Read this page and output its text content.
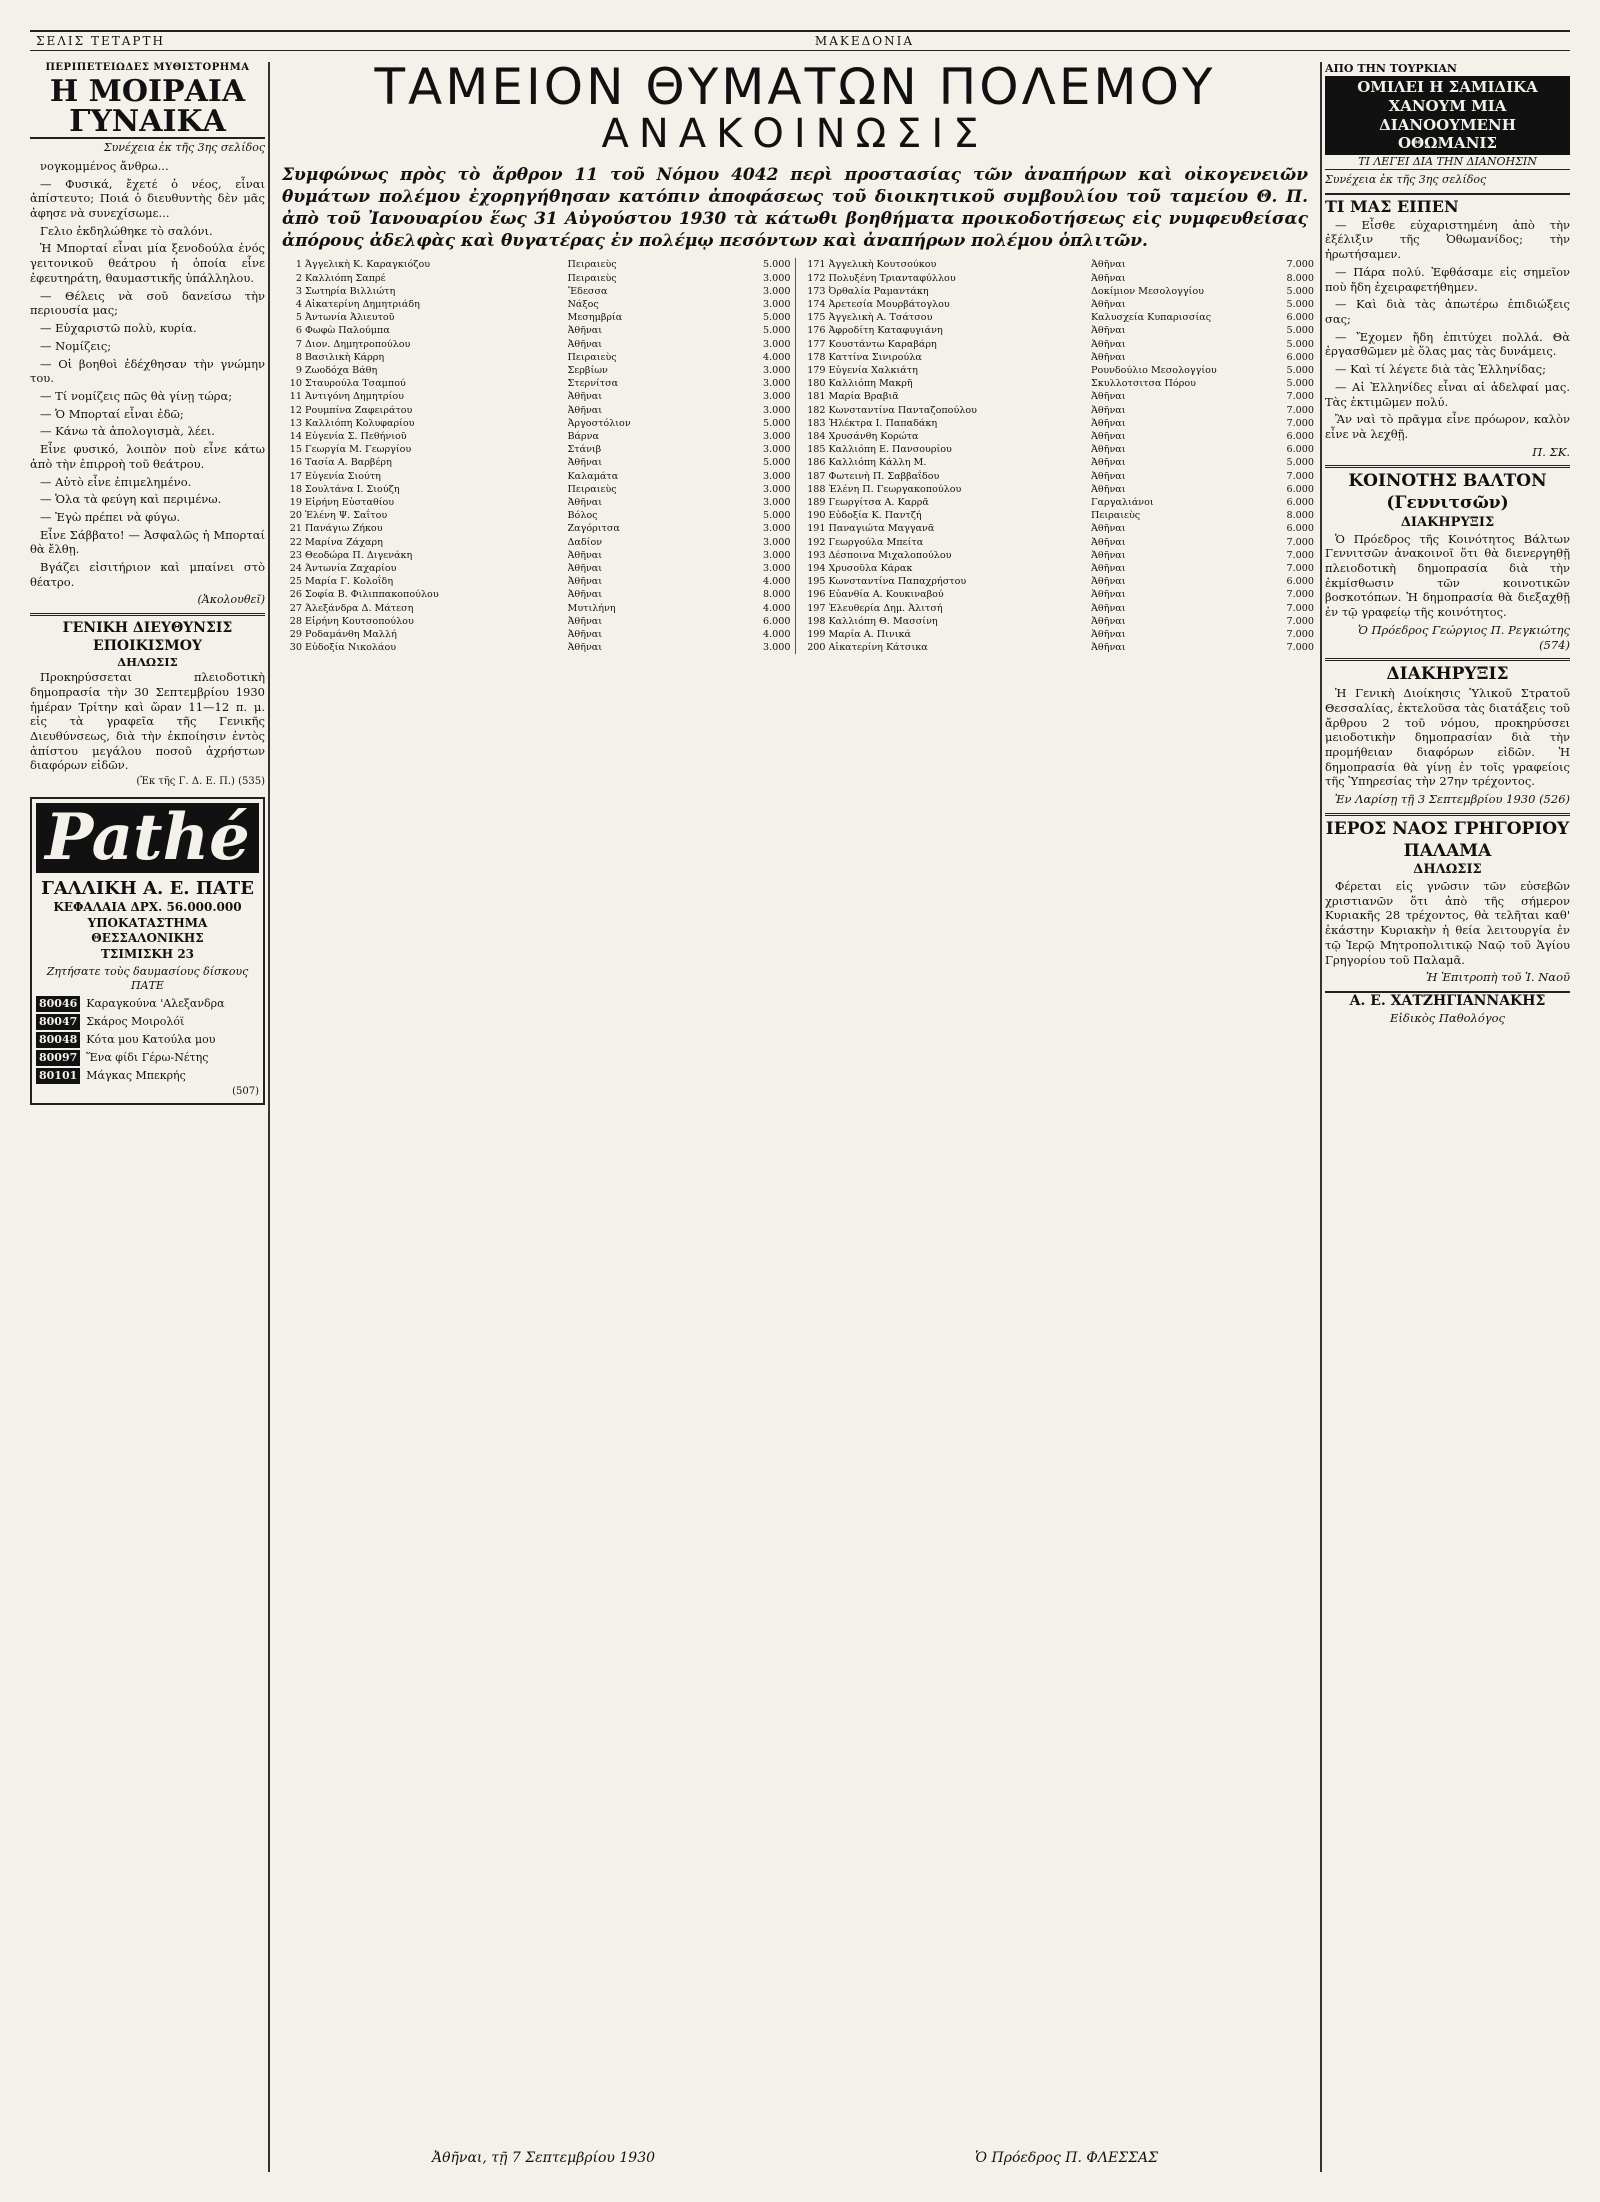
ΣΕΛΙΣ ΤΕΤΑΡΤΗ	ΜΑΚΕΔΟΝΙΑ
ΠΕΡΙΠΕΤΕΙΩΔΕΣ ΜΥΘΙΣΤΟΡΗΜΑ
Η ΜΟΙΡΑΙΑ ΓΥΝΑΙΚΑ
Συνέχεια ἐκ τῆς 3ης σελίδος

νογκομμένος ἄνθρω...

— Φυσικά, ἔχετέ ὁ νέος, εἶναι ἀπίστευτο; Ποιά ὁ διευθυντὴς δὲν μᾶς ἀφησε νὰ συνεχίσωμε...

Γελιο ἐκδηλώθηκε τὸ σαλόνι.

Ἡ Μπορταί εἶναι μία ξενοδούλα ἐνός γειτονικοῦ θεάτρου ἡ ὁποία εἶνε ἐφευτηράτη, θαυμαστικῆς ὑπάλληλου.

— Θέλεις νὰ σοῦ δανείσω τὴν περιουσία μας;

— Εὐχαριστῶ πολὺ, κυρία.

— Νομίζεις;

— Οἱ βοηθοὶ ἐδέχθησαν τὴν γνώμην του.

— Τί νομίζεις πῶς θὰ γίνῃ τώρα;

— Ὁ Μπορταί εἶναι ἐδῶ;

— Κάνω τὰ ἀπολογισμὰ, λέει.

Εἶνε φυσικό, λοιπὸν ποὺ εἶνε κάτω ἀπὸ τὴν ἐπιρροὴ τοῦ θεάτρου.

— Αὐτὸ εἶνε ἐπιμελημένο.

— Ὁλα τὰ φεύγη καὶ περιμένω.

— Ἐγὼ πρέπει νὰ φύγω.

Εἶνε Σάββατο! — Ἀσφαλῶς ἡ Μπορταί θὰ ἔλθῃ.

Βγάζει εἰσιτήριον καὶ μπαίνει στὸ θέατρο.

(Ἀκολουθεῖ)
ΓΕΝΙΚΗ ΔΙΕΥΘΥΝΣΙΣ ΕΠΟΙΚΙΣΜΟΥ
ΔΗΛΩΣΙΣ

Προκηρύσσεται πλειοδοτικὴ δημοπρασία τὴν 30 Σεπτεμβρίου 1930 ἡμέραν Τρίτην καὶ ὥραν 11—12 π. μ. εἰς τὰ γραφεῖα τῆς Γενικῆς Διευθύνσεως, διὰ τὴν ἐκποίησιν ἐντὸς ἀπίστου μεγάλου ποσοῦ ἀχρήστων διαφόρων εἰδῶν.

(Ἐκ τῆς Γ. Δ. Ε. Π.) (535)
Pathé
ΓΑΛΛΙΚΗ Α. Ε. ΠΑΤΕ
ΚΕΦΑΛΑΙΑ ΔΡΧ. 56.000.000
ΥΠΟΚΑΤΑΣΤΗΜΑ ΘΕΣΣΑΛΟΝΙΚΗΣ
ΤΣΙΜΙΣΚΗ 23
Ζητήσατε τοὺς δαυμασίους δίσκους ΠΑΤΕ
80046 Καραγκούνα 'Αλεξανδρα
80047 Σκάρος Μοιρολόϊ
80048 Κότα μου Κατούλα μου
80097 Ἕνα φίδι Γέρω-Νέτης
80101 Μάγκας Μπεκρής
(507)
ΤΑΜΕΙΟΝ ΘΥΜΑΤΩΝ ΠΟΛΕΜΟΥ
ΑΝΑΚΟΙΝΩΣΙΣ
Συμφώνως πρὸς τὸ ἄρθρον 11 τοῦ Νόμου 4042 περὶ προστασίας τῶν ἀναπήρων καὶ οἰκογενειῶν θυμάτων πολέμου ἐχορηγήθησαν κατόπιν ἀποφάσεως τοῦ διοικητικοῦ συμβουλίου τοῦ ταμείου Θ. Π. ἀπὸ τοῦ Ἰανουαρίου ἕως 31 Αὐγούστου 1930 τὰ κάτωθι βοηθήματα προικοδοτήσεως εἰς νυμφευθείσας ἀπόρους ἀδελφὰς καὶ θυγατέρας ἐν πολέμῳ πεσόντων καὶ ἀναπήρων πολέμου ὁπλιτῶν.
1 Ἀγγελικὴ Κ. Καραγκιόζου	Πειραιεὺς	5.000
2 Καλλιόπη Σαπρέ	Πειραιεὺς	3.000
3 Σωτηρία Βιλλιώτη	Ἔδεσσα	3.000
4 Αἰκατερίνη Δημητριάδη	Νάξος	3.000
5 Ἀντωνία Ἀλιευτοῦ	Μεσημβρία	5.000
6 Φωφὼ Παλούμπα	Ἀθῆναι	5.000
7 Διον. Δημητροπούλου	Ἀθῆναι	3.000
8 Βασιλικὴ Κάρρη	Πειραιεὺς	4.000
9 Ζωοδόχα Βάθη	Σερβίων	3.000
10 Σταυρούλα Τσαμπού	Στερνίτσα	3.000
11 Ἀντιγόνη Δημητρίου	Ἀθῆναι	3.000
12 Ρουμπίνα Ζαφειράτου	Ἀθῆναι	3.000
13 Καλλιόπη Κολυφαρίου	Ἀργοστόλιον	5.000
14 Εὐγενία Σ. Πεθήνιοῦ	Βάρνα	3.000
15 Γεωργία Μ. Γεωργίου	Στάνιβ	3.000
16 Τασία Α. Βαρβέρη	Ἀθῆναι	5.000
17 Εὐγενία Σιούτη	Καλαμάτα	3.000
18 Σουλτάνα Ι. Σιούζη	Πειραιεὺς	3.000
19 Εἰρήνη Εὐσταθίου	Ἀθῆναι	3.000
20 Ἑλένη Ψ. Σαΐτου	Βόλος	5.000
21 Πανάγιω Ζήκου	Ζαγόριτσα	3.000
22 Μαρίνα Ζάχαρη	Δαδίον	3.000
23 Θεοδώρα Π. Διγενάκη	Ἀθῆναι	3.000
24 Ἀντωνία Ζαχαρίου	Ἀθῆναι	3.000
25 Μαρία Γ. Κολοΐδη	Ἀθῆναι	4.000
26 Σοφία Β. Φιλιππακοπούλου	Ἀθῆναι	8.000
27 Ἀλεξάνδρα Δ. Μάτεση	Μυτιλήνη	4.000
28 Εἰρήνη Κουτσοπούλου	Ἀθῆναι	6.000
29 Ροδαμάνθη Μαλλή	Ἀθῆναι	4.000
30 Εὐδοξία Νικολάου	Ἀθῆναι	3.000
171 Ἀγγελικὴ Κουτσούκου	Ἀθῆναι	7.000
172 Πολυξένη Τριανταφύλλου	Ἀθῆναι	8.000
173 Ὀρθαλία Ραμαντάκη	Δοκίμιον Μεσολογγίου	5.000
174 Ἀρετεσία Μουρβάτογλου	Ἀθῆναι	5.000
175 Ἀγγελικὴ Α. Τσάτσου	Καλυσχεία Κυπαρισσίας	6.000
176 Ἀφροδίτη Καταφυγιάνη	Ἀθῆναι	5.000
177 Κουστάντω Καραβάρη	Ἀθῆναι	5.000
178 Καττίνα Σινιρούλα	Ἀθῆναι	6.000
179 Εὐγενία Χαλκιάτη	Ρουνδούλιο Μεσολογγίου	5.000
180 Καλλιόπη Μακρῆ	Σκυλλοτσιτσα Πόρου	5.000
181 Μαρία Βραβιᾶ	Ἀθῆναι	7.000
182 Κωνσταντίνα Πανταζοπούλου	Ἀθῆναι	7.000
183 Ἠλέκτρα Ι. Παπαδάκη	Ἀθῆναι	7.000
184 Χρυσάνθη Κορώτα	Ἀθῆναι	6.000
185 Καλλιόπη Ε. Πανσουρίου	Ἀθῆναι	6.000
186 Καλλιόπη Κάλλη Μ.	Ἀθῆναι	5.000
187 Φωτεινὴ Π. Σαββαΐδου	Ἀθῆναι	7.000
188 Ἑλένη Π. Γεωργακοπούλου	Ἀθῆναι	6.000
189 Γεωργίτσα Α. Καρρᾶ	Γαργαλιάνοι	6.000
190 Εὐδοξία Κ. Παντζή	Πειραιεὺς	8.000
191 Παναγιώτα Μαγγανᾶ	Ἀθῆναι	6.000
192 Γεωργούλα Μπείτα	Ἀθῆναι	7.000
193 Δέσποινα Μιχαλοπούλου	Ἀθῆναι	7.000
194 Χρυσοῦλα Κάρακ	Ἀθῆναι	7.000
195 Κωνσταντίνα Παπαχρήστου	Ἀθῆναι	6.000
196 Εὐανθία Α. Κουκιναβού	Ἀθῆναι	7.000
197 Ἐλευθερία Δημ. Ἀλιτσή	Ἀθῆναι	7.000
198 Καλλιόπη Θ. Μασσίνη	Ἀθῆναι	7.000
199 Μαρία Α. Πινικά	Ἀθῆναι	7.000
200 Αἰκατερίνη Κάτσικα	Ἀθῆναι	7.000
Ἀθῆναι, τῇ 7 Σεπτεμβρίου 1930	Ὁ Πρόεδρος Π. ΦΛΕΣΣΑΣ
ΑΠΟ ΤΗΝ ΤΟΥΡΚΙΑΝ
ΟΜΙΛΕΙ Η ΣΑΜΙΔΙΚΑ ΧΑΝΟΥΜ ΜΙΑ ΔΙΑΝΟΟΥΜΕΝΗ ΟΘΩΜΑΝΙΣ
ΤΙ ΛΕΓΕΙ ΔΙΑ ΤΗΝ ΔΙΑΝΟΗΣΙΝ
Συνέχεια ἐκ τῆς 3ης σελίδος
ΤΙ ΜΑΣ ΕΙΠΕΝ

— Εἶσθε εὐχαριστημένη ἀπὸ τὴν ἐξέλιξιν τῆς Ὀθωμανίδος; τὴν ἠρωτήσαμεν.

— Πάρα πολύ. Ἐφθάσαμε εἰς σημεῖον ποὺ ἤδη ἐχειραφετήθημεν.

— Καὶ διὰ τὰς ἀπωτέρω ἐπιδιώξεις σας;

— Ἔχομεν ἤδη ἐπιτύχει πολλά. Θὰ ἐργασθῶμεν μὲ ὅλας μας τὰς δυνάμεις.

— Καὶ τί λέγετε διὰ τὰς Ἑλληνίδας;

— Αἱ Ἑλληνίδες εἶναι αἱ ἀδελφαί μας. Τὰς ἐκτιμῶμεν πολύ.

Ἂν ναὶ τὸ πρᾶγμα εἶνε πρόωρον, καλὸν εἶνε νὰ λεχθῇ.

Π. ΣΚ.
ΚΟΙΝΟΤΗΣ ΒΑΛΤΟΝ (Γεννιτσῶν)
ΔΙΑΚΗΡΥΞΙΣ

Ὁ Πρόεδρος τῆς Κοινότητος Βάλτων Γεννιτσῶν ἀνακοινοῖ ὅτι θὰ διενεργηθῇ πλειοδοτικὴ δημοπρασία διὰ τὴν ἐκμίσθωσιν τῶν κοινοτικῶν βοσκοτόπων. Ἡ δημοπρασία θὰ διεξαχθῇ ἐν τῷ γραφείῳ τῆς κοινότητος.

Ὁ Πρόεδρος Γεώργιος Π. Ρεγκιώτης (574)
ΔΙΑΚΗΡΥΞΙΣ

Ἡ Γενικὴ Διοίκησις Ὑλικοῦ Στρατοῦ Θεσσαλίας, ἐκτελοῦσα τὰς διατάξεις τοῦ ἄρθρου 2 τοῦ νόμου, προκηρύσσει μειοδοτικὴν δημοπρασίαν διὰ τὴν προμήθειαν διαφόρων εἰδῶν. Ἡ δημοπρασία θὰ γίνῃ ἐν τοῖς γραφείοις τῆς Ὑπηρεσίας τὴν 27ην τρέχοντος.

Ἐν Λαρίσῃ τῇ 3 Σεπτεμβρίου 1930 (526)
ΙΕΡΟΣ ΝΑΟΣ ΓΡΗΓΟΡΙΟΥ ΠΑΛΑΜΑ
ΔΗΛΩΣΙΣ

Φέρεται εἰς γνῶσιν τῶν εὐσεβῶν χριστιανῶν ὅτι ἀπὸ τῆς σήμερον Κυριακῆς 28 τρέχοντος, θὰ τελῆται καθ' ἑκάστην Κυριακὴν ἡ θεία λειτουργία ἐν τῷ Ἱερῷ Μητροπολιτικῷ Ναῷ τοῦ Ἁγίου Γρηγορίου τοῦ Παλαμᾶ.

Ἡ Ἐπιτροπὴ τοῦ Ἱ. Ναοῦ
Α. Ε. ΧΑΤΖΗΓΙΑΝΝΑΚΗΣ
Εἰδικὸς Παθολόγος
